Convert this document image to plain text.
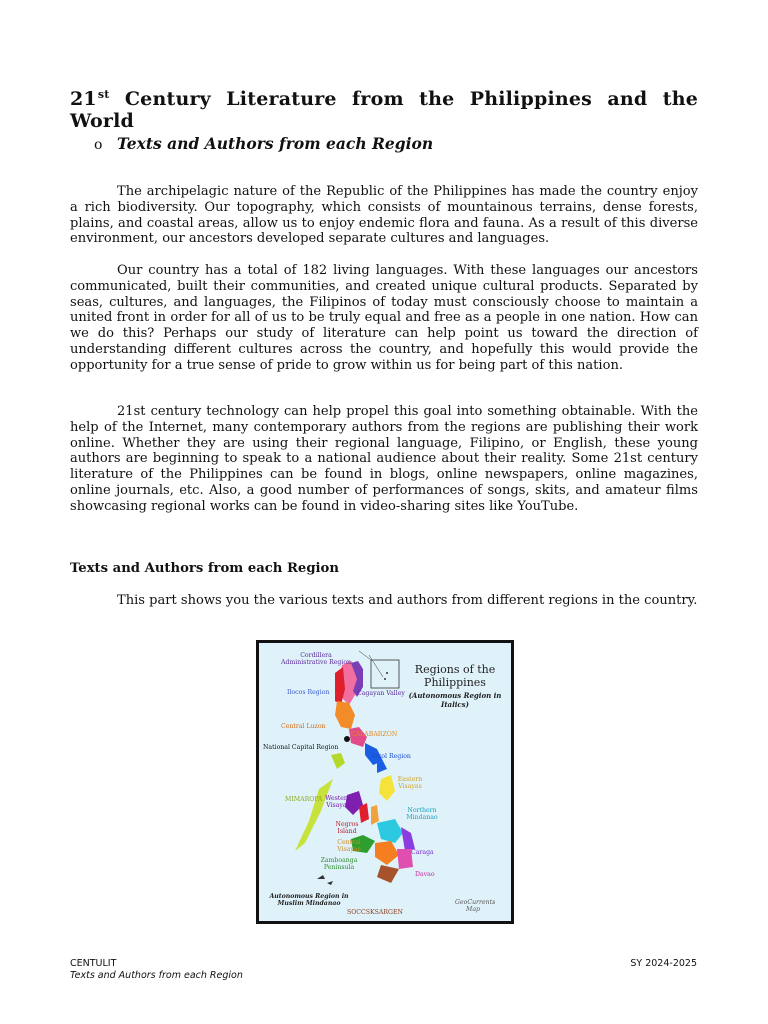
21st Century Literature from the Philippines and the World
o Texts and Authors from each Region

The archipelagic nature of the Republic of the Philippines has made the country enjoy a rich biodiversity. Our topography, which consists of mountainous terrains, dense forests, plains, and coastal areas, allow us to enjoy endemic flora and fauna. As a result of this diverse environment, our ancestors developed separate cultures and languages.

Our country has a total of 182 living languages. With these languages our ancestors communicated, built their communities, and created unique cultural products. Separated by seas, cultures, and languages, the Filipinos of today must consciously choose to maintain a united front in order for all of us to be truly equal and free as a people in one nation. How can we do this? Perhaps our study of literature can help point us toward the direction of understanding different cultures across the country, and hopefully this would provide the opportunity for a true sense of pride to grow within us for being part of this nation.

21st century technology can help propel this goal into something obtainable. With the help of the Internet, many contemporary authors from the regions are publishing their work online. Whether they are using their regional language, Filipino, or English, these young authors are beginning to speak to a national audience about their reality. Some 21st century literature of the Philippines can be found in blogs, online newspapers, online magazines, online journals, etc. Also, a good number of performances of songs, skits, and amateur films showcasing regional works can be found in video-sharing sites like YouTube.

Texts and Authors from each Region

This part shows you the various texts and authors from different regions in the country.

Regions of the Philippines
(Autonomous Region in Italics)
Cordillera Administrative Region
Ilocos Region	Cagayan Valley
Central Luzon
CALABARZON
National Capital Region
Bikol Region
Eastern Visayas
MIMAROPA Western Visayas
Northern Mindanao
Negros Island
Central Visayas	Caraga
Zamboanga Peninsula
Davao
Autonomous Region in Muslim Mindanao
SOCCSKSARGEN
GeoCurrents Map
CENTULIT
Texts and Authors from each Region
SY 2024-2025
